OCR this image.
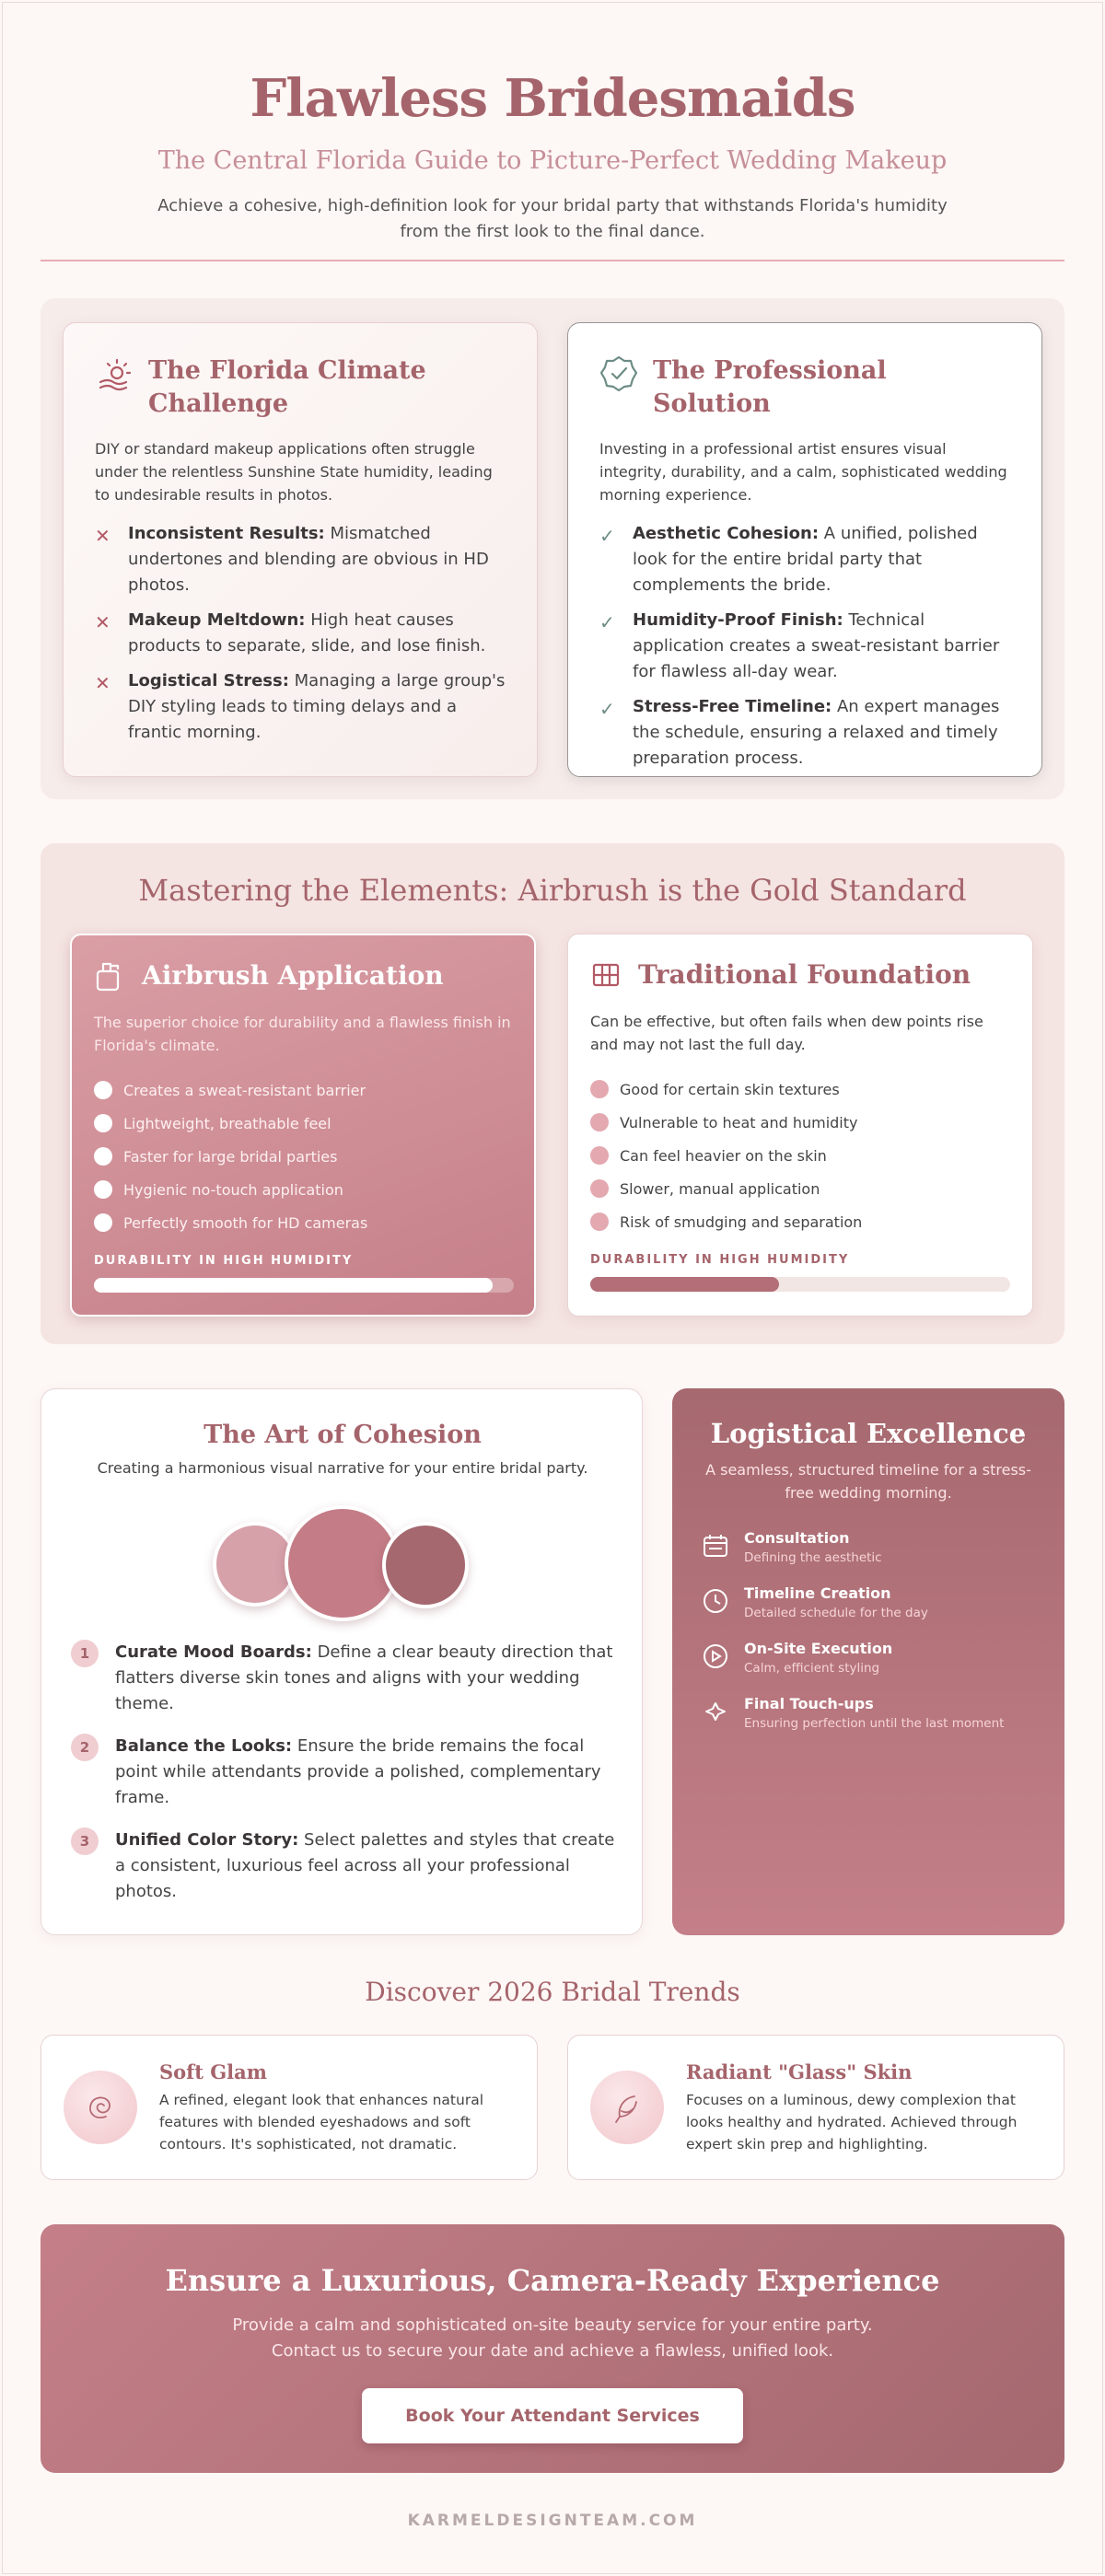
Flawless Bridesmaids
The Central Florida Guide to Picture-Perfect Wedding Makeup

Achieve a cohesive, high-definition look for your bridal party that withstands Florida's humidity from the first look to the final dance.

The Florida Climate Challenge

DIY or standard makeup applications often struggle under the relentless Sunshine State humidity, leading to undesirable results in photos.

✕	Inconsistent Results: Mismatched undertones and blending are obvious in HD photos.
✕	Makeup Meltdown: High heat causes products to separate, slide, and lose finish.
✕	Logistical Stress: Managing a large group's DIY styling leads to timing delays and a frantic morning.
The Professional Solution

Investing in a professional artist ensures visual integrity, durability, and a calm, sophisticated wedding morning experience.

✓	Aesthetic Cohesion: A unified, polished look for the entire bridal party that complements the bride.
✓	Humidity-Proof Finish: Technical application creates a sweat-resistant barrier for flawless all-day wear.
✓	Stress-Free Timeline: An expert manages the schedule, ensuring a relaxed and timely preparation process.
Mastering the Elements: Airbrush is the Gold Standard
Airbrush Application

The superior choice for durability and a flawless finish in Florida's climate.

Creates a sweat-resistant barrier
Lightweight, breathable feel
Faster for large bridal parties
Hygienic no-touch application
Perfectly smooth for HD cameras
DURABILITY IN HIGH HUMIDITY
Traditional Foundation

Can be effective, but often fails when dew points rise and may not last the full day.

Good for certain skin textures
Vulnerable to heat and humidity
Can feel heavier on the skin
Slower, manual application
Risk of smudging and separation
DURABILITY IN HIGH HUMIDITY
The Art of Cohesion

Creating a harmonious visual narrative for your entire bridal party.

1	Curate Mood Boards: Define a clear beauty direction that flatters diverse skin tones and aligns with your wedding theme.
2	Balance the Looks: Ensure the bride remains the focal point while attendants provide a polished, complementary frame.
3	Unified Color Story: Select palettes and styles that create a consistent, luxurious feel across all your professional photos.
Logistical Excellence

A seamless, structured timeline for a stress-free wedding morning.

Consultation
Defining the aesthetic
Timeline Creation
Detailed schedule for the day
On-Site Execution
Calm, efficient styling
Final Touch-ups
Ensuring perfection until the last moment
Discover 2026 Bridal Trends
Soft Glam

A refined, elegant look that enhances natural features with blended eyeshadows and soft contours. It's sophisticated, not dramatic.

Radiant "Glass" Skin

Focuses on a luminous, dewy complexion that looks healthy and hydrated. Achieved through expert skin prep and highlighting.

Ensure a Luxurious, Camera-Ready Experience

Provide a calm and sophisticated on-site beauty service for your entire party.
Contact us to secure your date and achieve a flawless, unified look.

Book Your Attendant Services
KARMELDESIGNTEAM.COM
